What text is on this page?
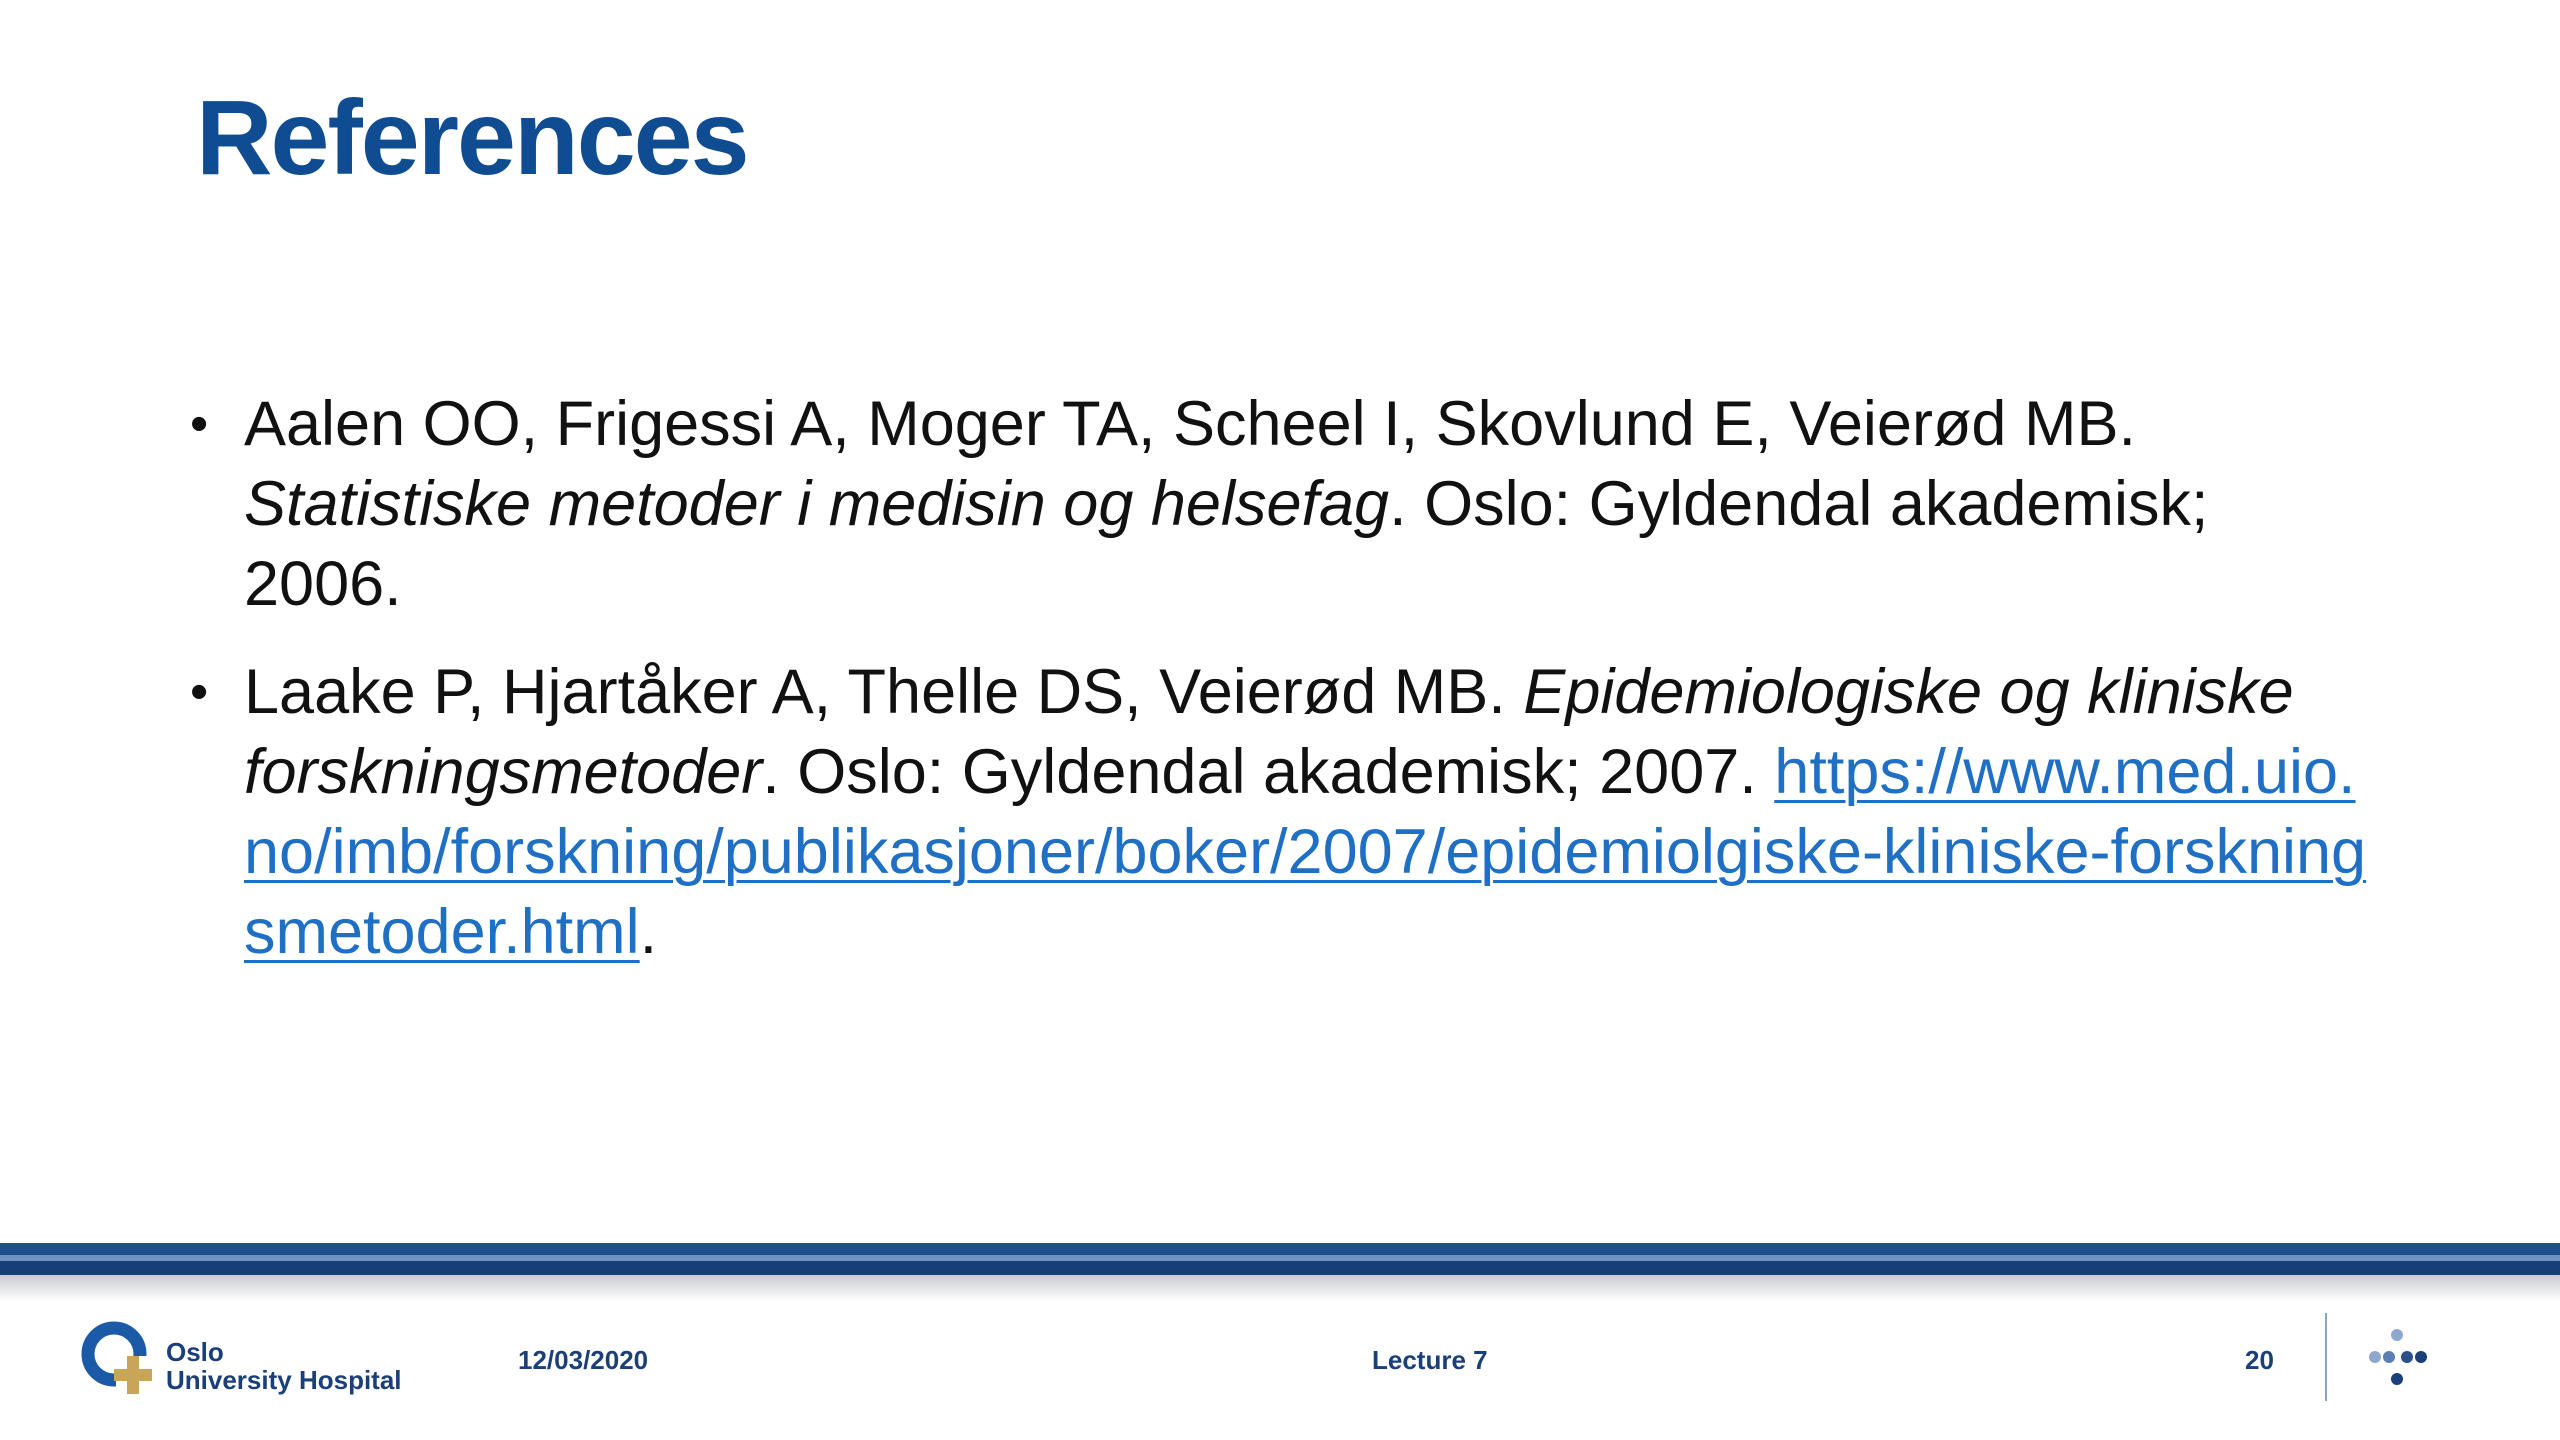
References
• Aalen OO, Frigessi A, Moger TA, Scheel I, Skovlund E, Veierød MB. Statistiske metoder i medisin og helsefag. Oslo: Gyldendal akademisk; 2006.
• Laake P, Hjartåker A, Thelle DS, Veierød MB. Epidemiologiske og kliniske forskningsmetoder. Oslo: Gyldendal akademisk; 2007. https://www.med.uio.no/imb/forskning/publikasjoner/boker/2007/epidemiolgiske-kliniske-forskningsmetoder.html.
Oslo
University Hospital
12/03/2020	Lecture 7	20
